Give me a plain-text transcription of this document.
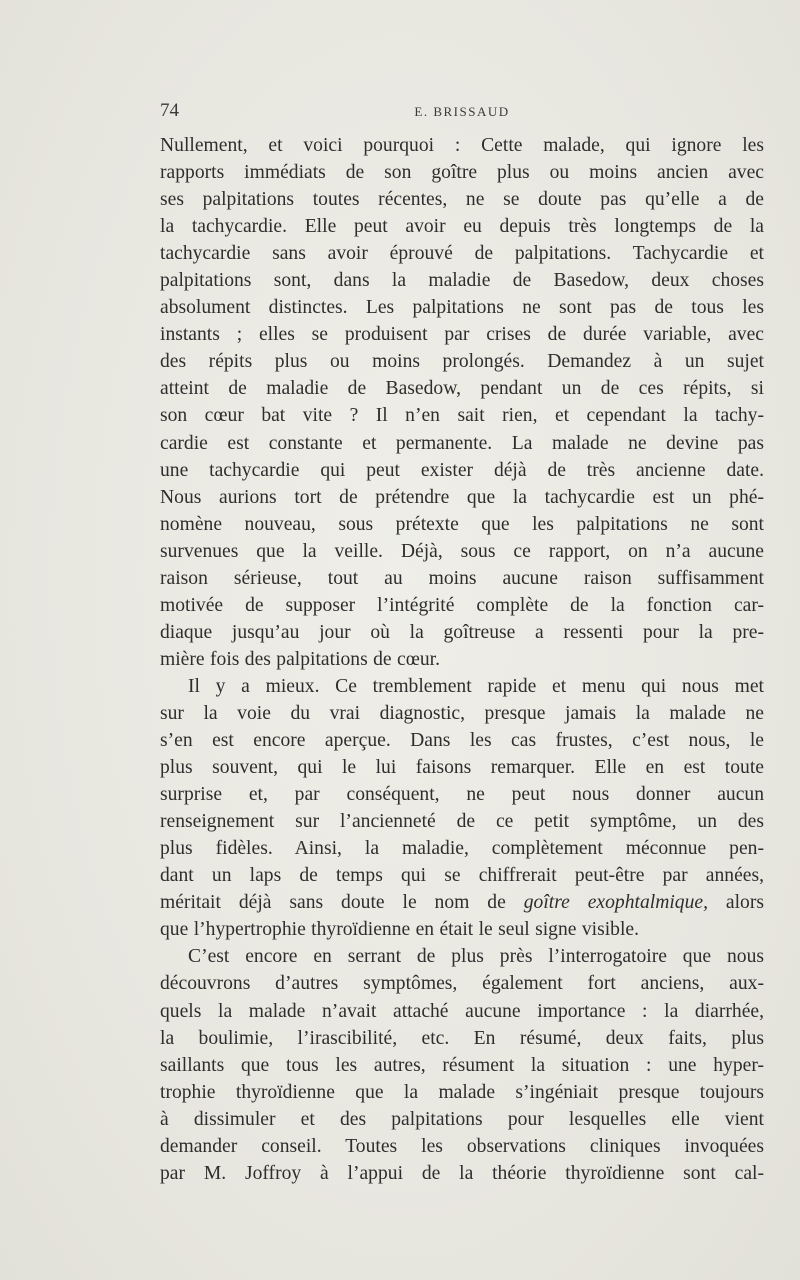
74	E. BRISSAUD

Nullement, et voici pourquoi : Cette malade, qui ignore les
rapports immédiats de son goître plus ou moins ancien avec
ses palpitations toutes récentes, ne se doute pas qu’elle a de
la tachycardie. Elle peut avoir eu depuis très longtemps de la
tachycardie sans avoir éprouvé de palpitations. Tachycardie et
palpitations sont, dans la maladie de Basedow, deux choses
absolument distinctes. Les palpitations ne sont pas de tous les
instants ; elles se produisent par crises de durée variable, avec
des répits plus ou moins prolongés. Demandez à un sujet
atteint de maladie de Basedow, pendant un de ces répits, si
son cœur bat vite ? Il n’en sait rien, et cependant la tachy-
cardie est constante et permanente. La malade ne devine pas
une tachycardie qui peut exister déjà de très ancienne date.
Nous aurions tort de prétendre que la tachycardie est un phé-
nomène nouveau, sous prétexte que les palpitations ne sont
survenues que la veille. Déjà, sous ce rapport, on n’a aucune
raison sérieuse, tout au moins aucune raison suffisamment
motivée de supposer l’intégrité complète de la fonction car-
diaque jusqu’au jour où la goîtreuse a ressenti pour la pre-
mière fois des palpitations de cœur.

Il y a mieux. Ce tremblement rapide et menu qui nous met
sur la voie du vrai diagnostic, presque jamais la malade ne
s’en est encore aperçue. Dans les cas frustes, c’est nous, le
plus souvent, qui le lui faisons remarquer. Elle en est toute
surprise et, par conséquent, ne peut nous donner aucun
renseignement sur l’ancienneté de ce petit symptôme, un des
plus fidèles. Ainsi, la maladie, complètement méconnue pen-
dant un laps de temps qui se chiffrerait peut-être par années,
méritait déjà sans doute le nom de goître exophtalmique, alors
que l’hypertrophie thyroïdienne en était le seul signe visible.

C’est encore en serrant de plus près l’interrogatoire que nous
découvrons d’autres symptômes, également fort anciens, aux-
quels la malade n’avait attaché aucune importance : la diarrhée,
la boulimie, l’irascibilité, etc. En résumé, deux faits, plus
saillants que tous les autres, résument la situation : une hyper-
trophie thyroïdienne que la malade s’ingéniait presque toujours
à dissimuler et des palpitations pour lesquelles elle vient
demander conseil. Toutes les observations cliniques invoquées
par M. Joffroy à l’appui de la théorie thyroïdienne sont cal-
